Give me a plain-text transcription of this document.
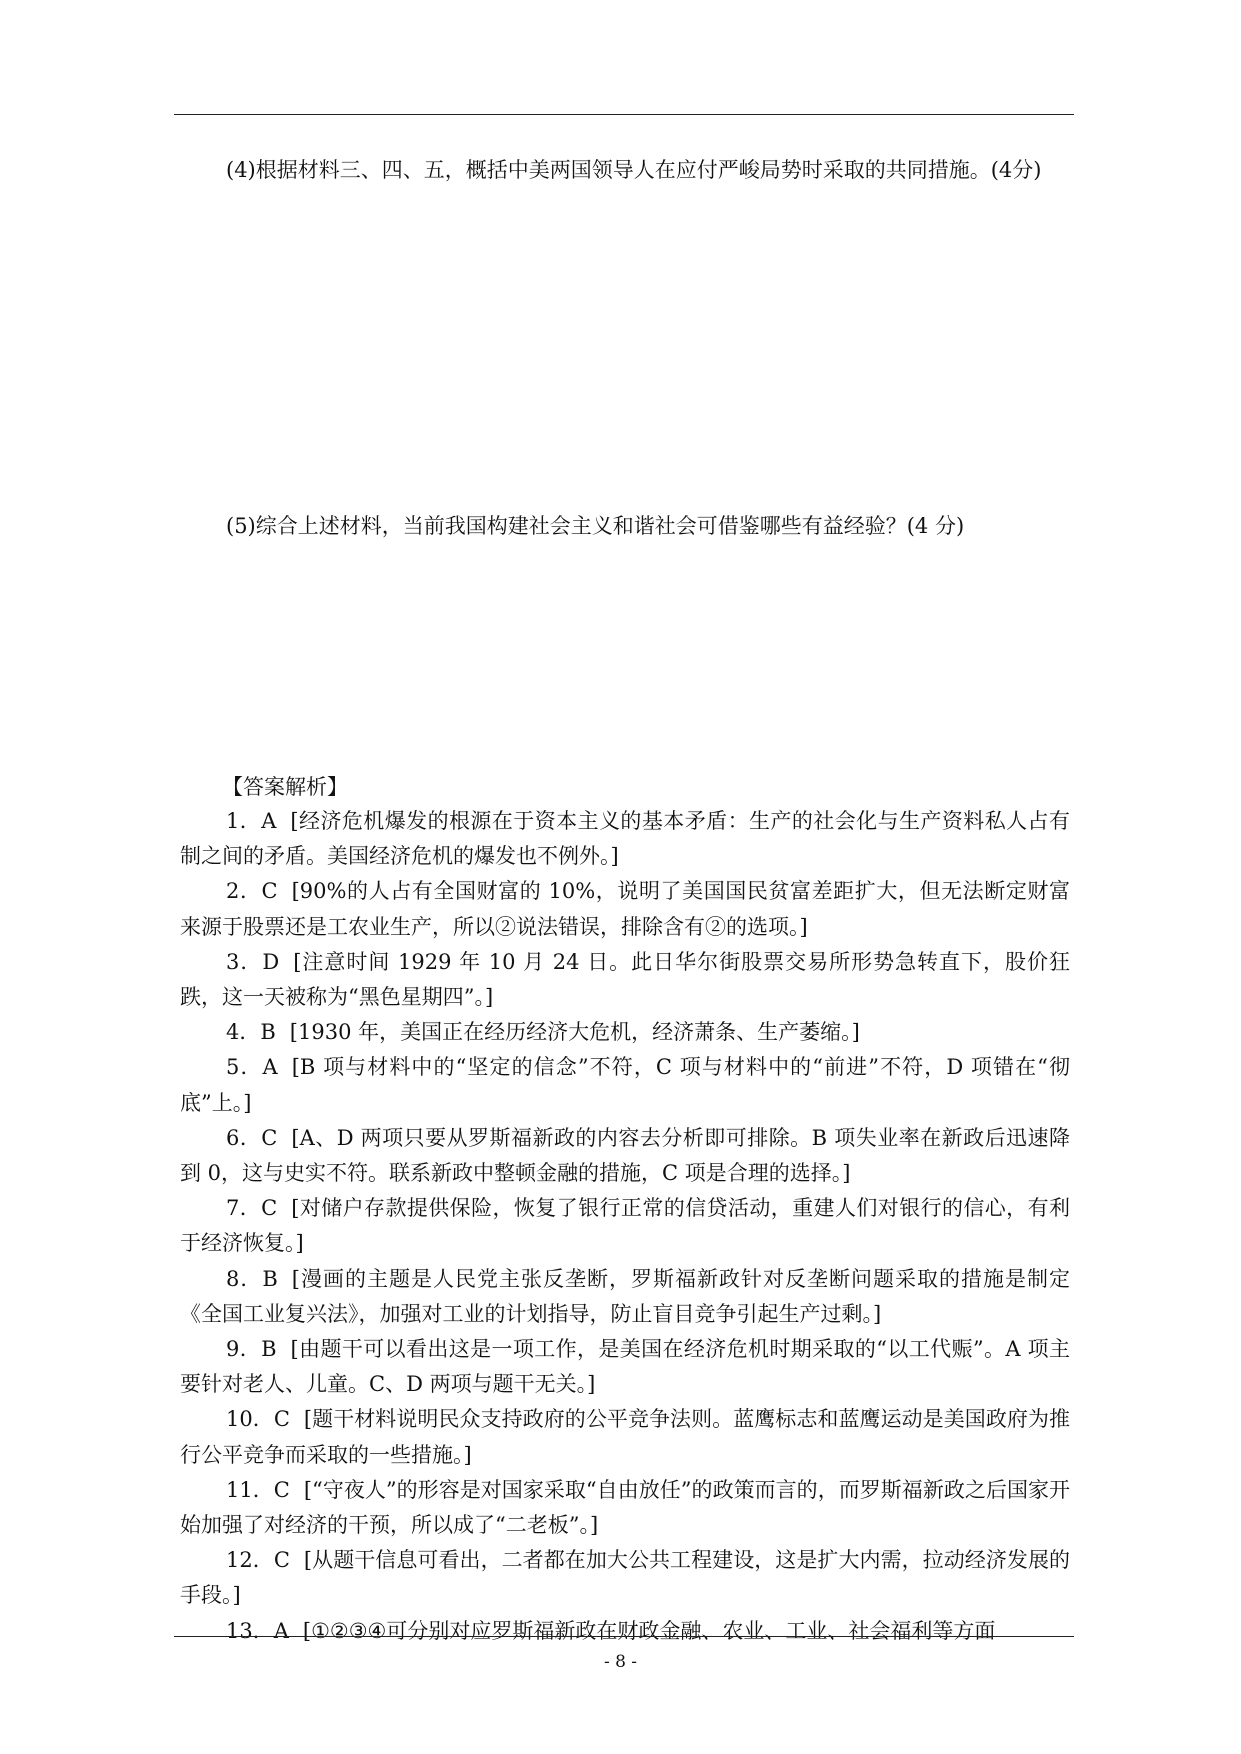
(4)根据材料三、四、五，概括中美两国领导人在应付严峻局势时采取的共同措施。(4分)

(5)综合上述材料，当前我国构建社会主义和谐社会可借鉴哪些有益经验？(4 分)

【答案解析】

1．A [经济危机爆发的根源在于资本主义的基本矛盾：生产的社会化与生产资料私人占有制之间的矛盾。美国经济危机的爆发也不例外。]

2．C [90%的人占有全国财富的 10%，说明了美国国民贫富差距扩大，但无法断定财富来源于股票还是工农业生产，所以②说法错误，排除含有②的选项。]

3．D [注意时间 1929 年 10 月 24 日。此日华尔街股票交易所形势急转直下，股价狂跌，这一天被称为“黑色星期四”。]

4．B [1930 年，美国正在经历经济大危机，经济萧条、生产萎缩。]

5．A [B 项与材料中的“坚定的信念”不符，C 项与材料中的“前进”不符，D 项错在“彻底”上。]

6．C [A、D 两项只要从罗斯福新政的内容去分析即可排除。B 项失业率在新政后迅速降到 0，这与史实不符。联系新政中整顿金融的措施，C 项是合理的选择。]

7．C [对储户存款提供保险，恢复了银行正常的信贷活动，重建人们对银行的信心，有利于经济恢复。]

8．B [漫画的主题是人民党主张反垄断，罗斯福新政针对反垄断问题采取的措施是制定《全国工业复兴法》，加强对工业的计划指导，防止盲目竞争引起生产过剩。]

9．B [由题干可以看出这是一项工作，是美国在经济危机时期采取的“以工代赈”。A 项主要针对老人、儿童。C、D 两项与题干无关。]

10．C [题干材料说明民众支持政府的公平竞争法则。蓝鹰标志和蓝鹰运动是美国政府为推行公平竞争而采取的一些措施。]

11．C [“守夜人”的形容是对国家采取“自由放任”的政策而言的，而罗斯福新政之后国家开始加强了对经济的干预，所以成了“二老板”。]

12．C [从题干信息可看出，二者都在加大公共工程建设，这是扩大内需，拉动经济发展的手段。]

13．A [①②③④可分别对应罗斯福新政在财政金融、农业、工业、社会福利等方面

- 8 -
